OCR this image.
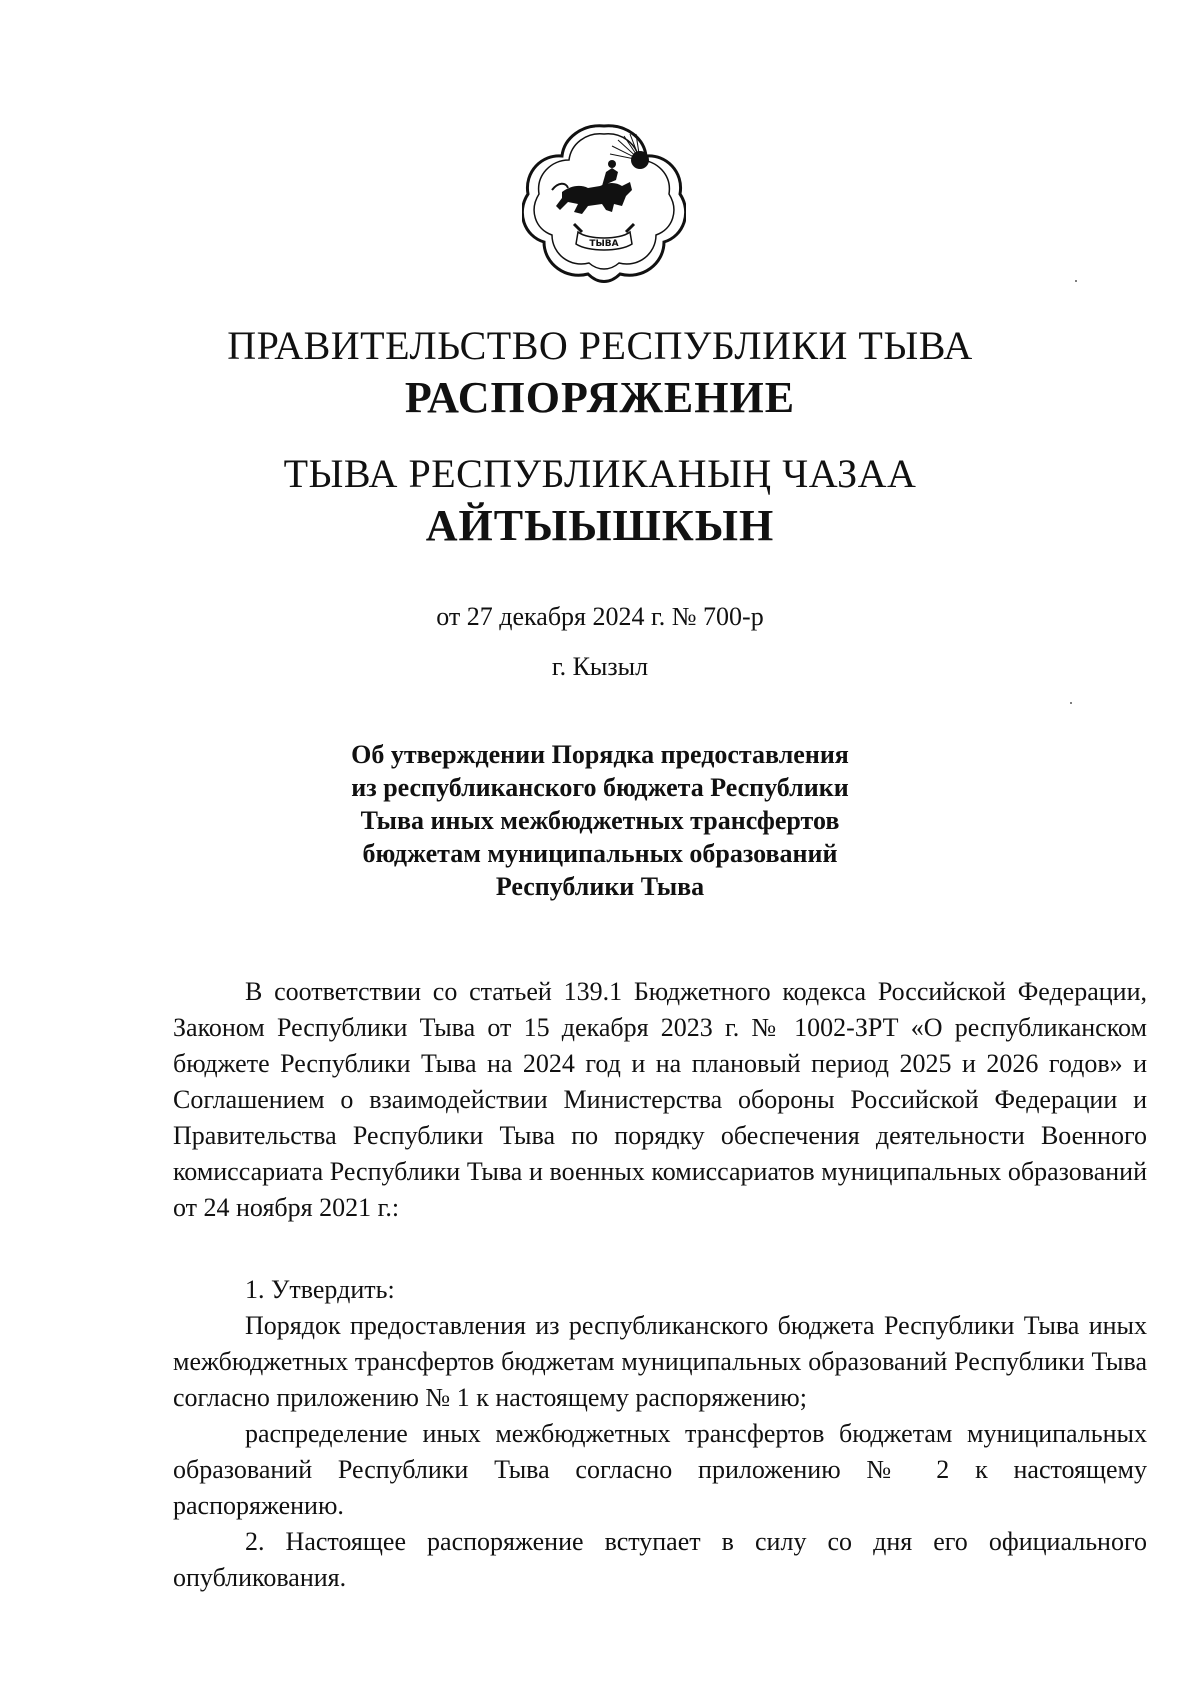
ТЫВА
ПРАВИТЕЛЬСТВО РЕСПУБЛИКИ ТЫВА
РАСПОРЯЖЕНИЕ
ТЫВА РЕСПУБЛИКАНЫҢ ЧАЗАА
АЙТЫЫШКЫН
от 27 декабря 2024 г. № 700-р
г. Кызыл
Об утверждении Порядка предоставления
из республиканского бюджета Республики
Тыва иных межбюджетных трансфертов
бюджетам муниципальных образований
Республики Тыва

В соответствии со статьей 139.1 Бюджетного кодекса Российской Федерации, Законом Республики Тыва от 15 декабря 2023 г. № 1002-ЗРТ «О республиканском бюджете Республики Тыва на 2024 год и на плановый период 2025 и 2026 годов» и Соглашением о взаимодействии Министерства обороны Российской Федерации и Правительства Республики Тыва по порядку обеспечения деятельности Военного комиссариата Республики Тыва и военных комиссариатов муниципальных образований от 24 ноября 2021 г.:

1. Утвердить:

Порядок предоставления из республиканского бюджета Республики Тыва иных межбюджетных трансфертов бюджетам муниципальных образований Республики Тыва согласно приложению № 1 к настоящему распоряжению;

распределение иных межбюджетных трансфертов бюджетам муниципальных образований Республики Тыва согласно приложению № 2 к настоящему распоряжению.

2. Настоящее распоряжение вступает в силу со дня его официального опубликования.
